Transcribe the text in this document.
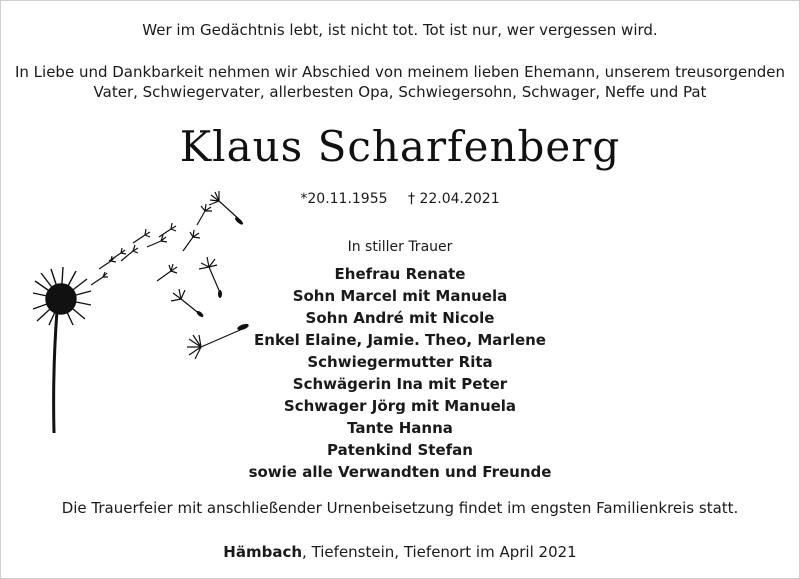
Wer im Gedächtnis lebt, ist nicht tot. Tot ist nur, wer vergessen wird.
In Liebe und Dankbarkeit nehmen wir Abschied von meinem lieben Ehemann, unserem treusorgenden
Vater, Schwiegervater, allerbesten Opa, Schwiegersohn, Schwager, Neffe und Pat
Klaus Scharfenberg
*20.11.1955 † 22.04.2021
In stiller Trauer
Ehefrau Renate
Sohn Marcel mit Manuela
Sohn André mit Nicole
Enkel Elaine, Jamie. Theo, Marlene
Schwiegermutter Rita
Schwägerin Ina mit Peter
Schwager Jörg mit Manuela
Tante Hanna
Patenkind Stefan
sowie alle Verwandten und Freunde
Die Trauerfeier mit anschließender Urnenbeisetzung findet im engsten Familienkreis statt.
Hämbach, Tiefenstein, Tiefenort im April 2021
